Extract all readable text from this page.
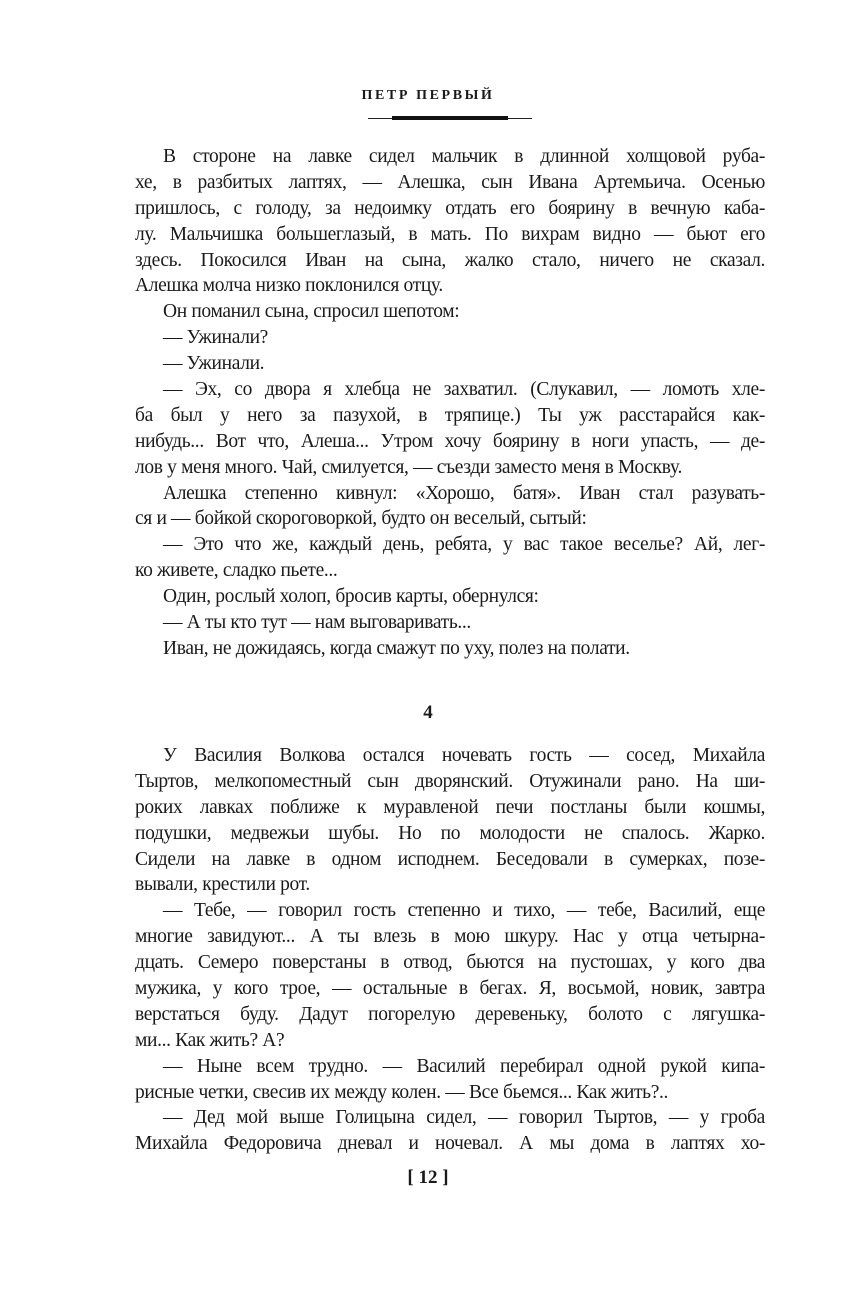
ПЕТР ПЕРВЫЙ
В стороне на лавке сидел мальчик в длинной холщовой руба-
хе, в разбитых лаптях, — Алешка, сын Ивана Артемьича. Осенью
пришлось, с голоду, за недоимку отдать его боярину в вечную каба-
лу. Мальчишка большеглазый, в мать. По вихрам видно — бьют его
здесь. Покосился Иван на сына, жалко стало, ничего не сказал.
Алешка молча низко поклонился отцу.
Он поманил сына, спросил шепотом:
— Ужинали?
— Ужинали.
— Эх, со двора я хлебца не захватил. (Слукавил, — ломоть хле-
ба был у него за пазухой, в тряпице.) Ты уж расстарайся как-
нибудь... Вот что, Алеша... Утром хочу боярину в ноги упасть, — де-
лов у меня много. Чай, смилуется, — съезди заместо меня в Москву.
Алешка степенно кивнул: «Хорошо, батя». Иван стал разувать-
ся и — бойкой скороговоркой, будто он веселый, сытый:
— Это что же, каждый день, ребята, у вас такое веселье? Ай, лег-
ко живете, сладко пьете...
Один, рослый холоп, бросив карты, обернулся:
— А ты кто тут — нам выговаривать...
Иван, не дожидаясь, когда смажут по уху, полез на полати.
4
У Василия Волкова остался ночевать гость — сосед, Михайла
Тыртов, мелкопоместный сын дворянский. Отужинали рано. На ши-
роких лавках поближе к муравленой печи постланы были кошмы,
подушки, медвежьи шубы. Но по молодости не спалось. Жарко.
Сидели на лавке в одном исподнем. Беседовали в сумерках, позе-
вывали, крестили рот.
— Тебе, — говорил гость степенно и тихо, — тебе, Василий, еще
многие завидуют... А ты влезь в мою шкуру. Нас у отца четырна-
дцать. Семеро поверстаны в отвод, бьются на пустошах, у кого два
мужика, у кого трое, — остальные в бегах. Я, восьмой, новик, завтра
верстаться буду. Дадут погорелую деревеньку, болото с лягушка-
ми... Как жить? А?
— Ныне всем трудно. — Василий перебирал одной рукой кипа-
рисные четки, свесив их между колен. — Все бьемся... Как жить?..
— Дед мой выше Голицына сидел, — говорил Тыртов, — у гроба
Михайла Федоровича дневал и ночевал. А мы дома в лаптях хо-
[ 12 ]
